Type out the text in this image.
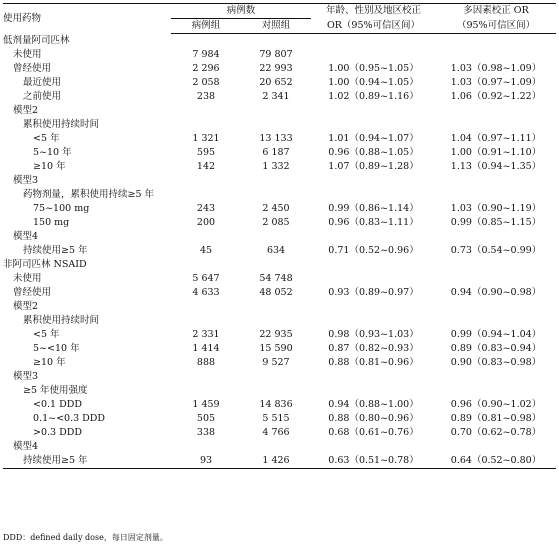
使用药物	病例数		年龄、性别及地区校正	多因素校正 OR
	病例组	对照组	OR（95%可信区间）	（95%可信区间）
低剂量阿司匹林				
未使用	7 984	79 807		
曾经使用	2 296	22 993	1.00（0.95~1.05）	1.03（0.98~1.09）
最近使用	2 058	20 652	1.00（0.94~1.05）	1.03（0.97~1.09）
之前使用	238	2 341	1.02（0.89~1.16）	1.06（0.92~1.22）
模型2				
累积使用持续时间				
<5 年	1 321	13 133	1.01（0.94~1.07）	1.04（0.97~1.11）
5~10 年	595	6 187	0.96（0.88~1.05）	1.00（0.91~1.10）
≥10 年	142	1 332	1.07（0.89~1.28）	1.13（0.94~1.35）
模型3				
药物剂量，累积使用持续≥5 年				
75~100 mg	243	2 450	0.99（0.86~1.14）	1.03（0.90~1.19）
150 mg	200	2 085	0.96（0.83~1.11）	0.99（0.85~1.15）
模型4				
持续使用≥5 年	45	634	0.71（0.52~0.96）	0.73（0.54~0.99）
非阿司匹林 NSAID				
未使用	5 647	54 748		
曾经使用	4 633	48 052	0.93（0.89~0.97）	0.94（0.90~0.98）
模型2				
累积使用持续时间				
<5 年	2 331	22 935	0.98（0.93~1.03）	0.99（0.94~1.04）
5~<10 年	1 414	15 590	0.87（0.82~0.93）	0.89（0.83~0.94）
≥10 年	888	9 527	0.88（0.81~0.96）	0.90（0.83~0.98）
模型3				
≥5 年使用强度				
<0.1 DDD	1 459	14 836	0.94（0.88~1.00）	0.96（0.90~1.02）
0.1~<0.3 DDD	505	5 515	0.88（0.80~0.96）	0.89（0.81~0.98）
>0.3 DDD	338	4 766	0.68（0.61~0.76）	0.70（0.62~0.78）
模型4				
持续使用≥5 年	93	1 426	0.63（0.51~0.78）	0.64（0.52~0.80）
DDD：defined daily dose，每日固定剂量。
